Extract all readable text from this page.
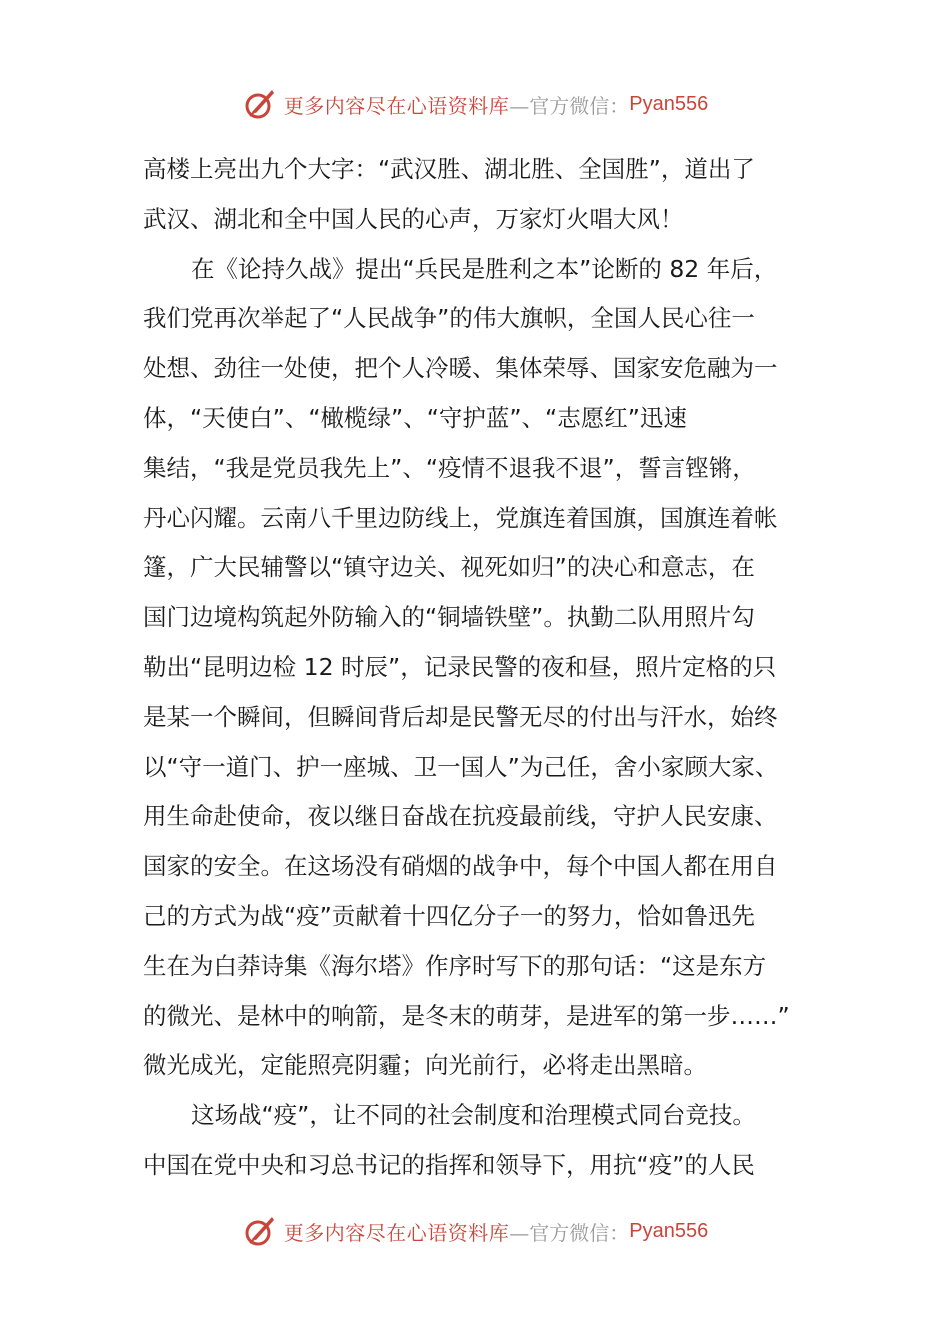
更多内容尽在心语资料库 —官方微信： Pyan556
高楼上亮出九个大字：“武汉胜、湖北胜、全国胜”，道出了
武汉、湖北和全中国人民的心声，万家灯火唱大风！
在《论持久战》提出“兵民是胜利之本”论断的 82 年后，
我们党再次举起了“人民战争”的伟大旗帜，全国人民心往一
处想、劲往一处使，把个人冷暖、集体荣辱、国家安危融为一
体，“天使白”、“橄榄绿”、“守护蓝”、“志愿红”迅速
集结，“我是党员我先上”、“疫情不退我不退”，誓言铿锵，
丹心闪耀。云南八千里边防线上，党旗连着国旗，国旗连着帐
篷，广大民辅警以“镇守边关、视死如归”的决心和意志，在
国门边境构筑起外防输入的“铜墙铁壁”。执勤二队用照片勾
勒出“昆明边检 12 时辰”，记录民警的夜和昼，照片定格的只
是某一个瞬间，但瞬间背后却是民警无尽的付出与汗水，始终
以“守一道门、护一座城、卫一国人”为己任，舍小家顾大家、
用生命赴使命，夜以继日奋战在抗疫最前线，守护人民安康、
国家的安全。在这场没有硝烟的战争中，每个中国人都在用自
己的方式为战“疫”贡献着十四亿分子一的努力，恰如鲁迅先
生在为白莽诗集《海尔塔》作序时写下的那句话：“这是东方
的微光、是林中的响箭，是冬末的萌芽，是进军的第一步……”
微光成光，定能照亮阴霾；向光前行，必将走出黑暗。
这场战“疫”，让不同的社会制度和治理模式同台竞技。
中国在党中央和习总书记的指挥和领导下，用抗“疫”的人民
更多内容尽在心语资料库 —官方微信： Pyan556
